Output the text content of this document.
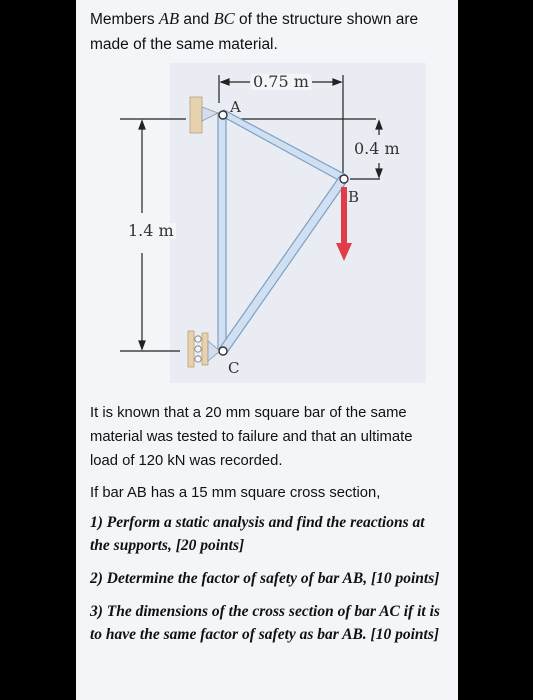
Members AB and BC of the structure shown are made of the same material.

0.75 m
0.4 m
1.4 m
A
B
C

It is known that a 20 mm square bar of the same material was tested to failure and that an ultimate load of 120 kN was recorded.

If bar AB has a 15 mm square cross section,

1) Perform a static analysis and find the reactions at the supports, [20 points]

2) Determine the factor of safety of bar AB, [10 points]

3) The dimensions of the cross section of bar AC if it is to have the same factor of safety as bar AB. [10 points]
